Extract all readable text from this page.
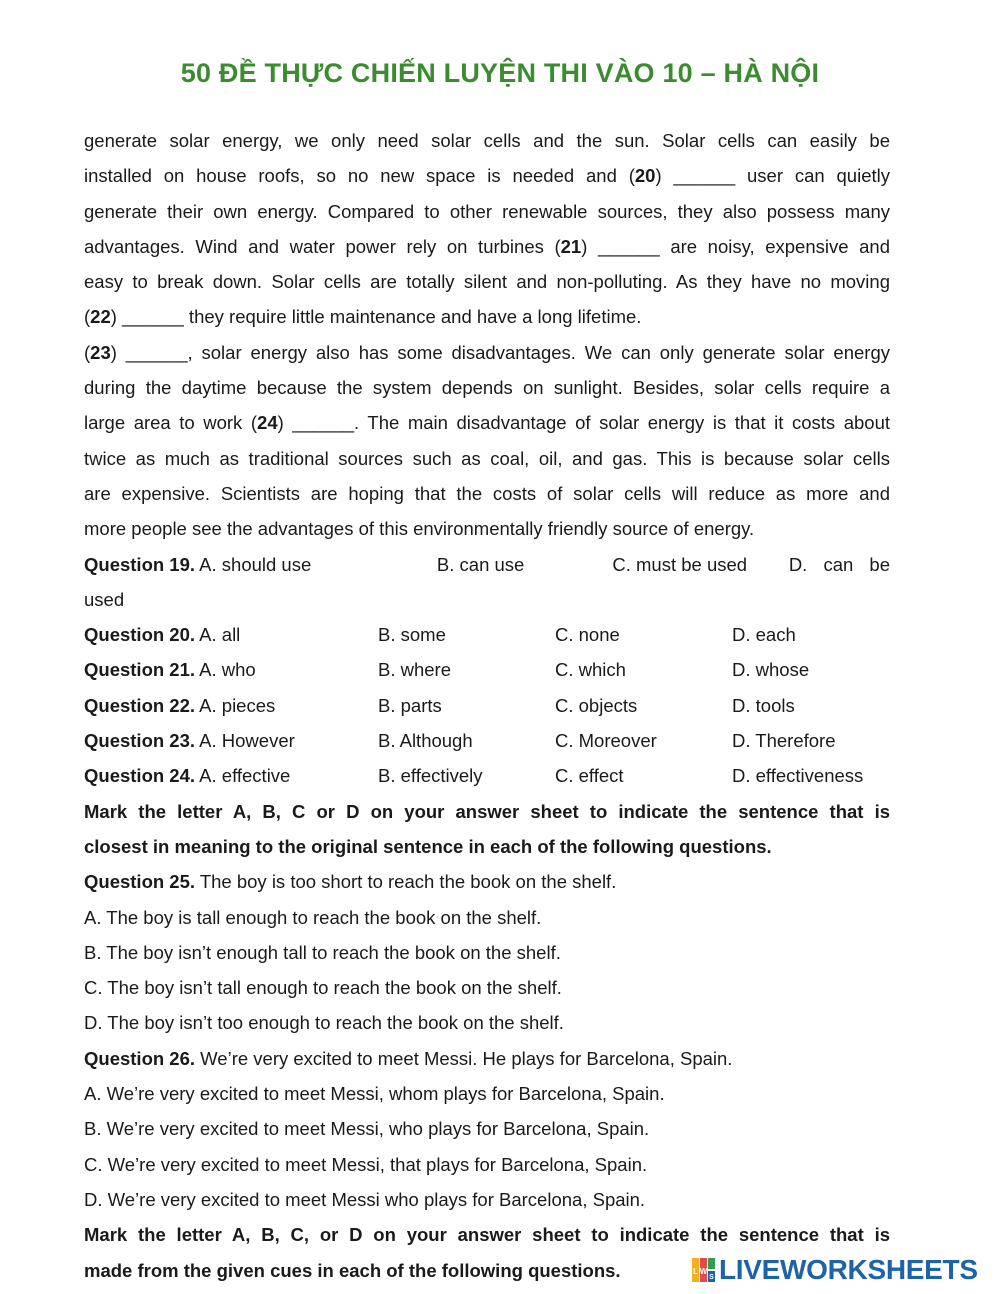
50 ĐỀ THỰC CHIẾN LUYỆN THI VÀO 10 – HÀ NỘI
generate solar energy, we only need solar cells and the sun. Solar cells can easily be
installed on house roofs, so no new space is needed and (20) ______ user can quietly
generate their own energy. Compared to other renewable sources, they also possess many
advantages. Wind and water power rely on turbines (21) ______ are noisy, expensive and
easy to break down. Solar cells are totally silent and non-polluting. As they have no moving
(22) ______ they require little maintenance and have a long lifetime.
(23) ______, solar energy also has some disadvantages. We can only generate solar energy
during the daytime because the system depends on sunlight. Besides, solar cells require a
large area to work (24) ______. The main disadvantage of solar energy is that it costs about
twice as much as traditional sources such as coal, oil, and gas. This is because solar cells
are expensive. Scientists are hoping that the costs of solar cells will reduce as more and
more people see the advantages of this environmentally friendly source of energy.
Question 19. A. should use	B. can use	C. must be used	D. can be
used
Question 20. A. all	B. some	C. none	D. each
Question 21. A. who	B. where	C. which	D. whose
Question 22. A. pieces	B. parts	C. objects	D. tools
Question 23. A. However	B. Although	C. Moreover	D. Therefore
Question 24. A. effective	B. effectively	C. effect	D. effectiveness
Mark the letter A, B, C or D on your answer sheet to indicate the sentence that is
closest in meaning to the original sentence in each of the following questions.
Question 25. The boy is too short to reach the book on the shelf.
A. The boy is tall enough to reach the book on the shelf.
B. The boy isn’t enough tall to reach the book on the shelf.
C. The boy isn’t tall enough to reach the book on the shelf.
D. The boy isn’t too enough to reach the book on the shelf.
Question 26. We’re very excited to meet Messi. He plays for Barcelona, Spain.
A. We’re very excited to meet Messi, whom plays for Barcelona, Spain.
B. We’re very excited to meet Messi, who plays for Barcelona, Spain.
C. We’re very excited to meet Messi, that plays for Barcelona, Spain.
D. We’re very excited to meet Messi who plays for Barcelona, Spain.
Mark the letter A, B, C, or D on your answer sheet to indicate the sentence that is
made from the given cues in each of the following questions.	L W
S LIVEWORKSHEETS
